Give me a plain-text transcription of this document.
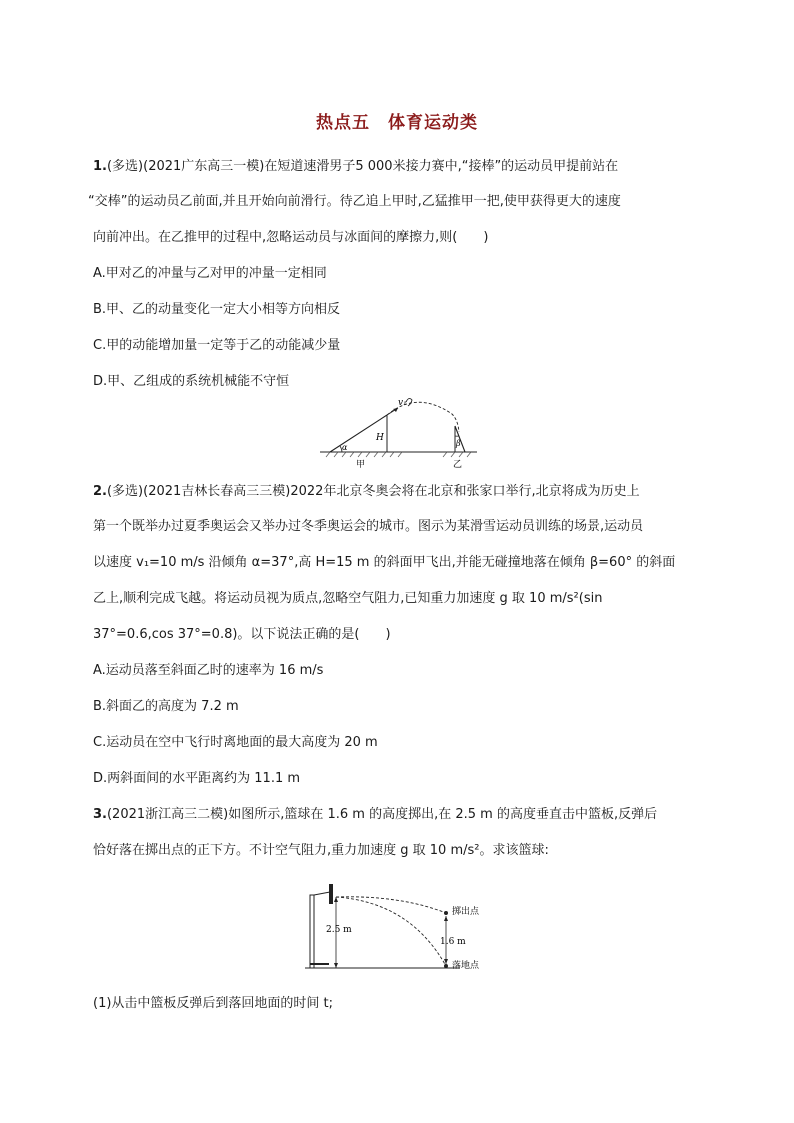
热点五　体育运动类
1.(多选)(2021广东高三一模)在短道速滑男子5 000米接力赛中,“接棒”的运动员甲提前站在
“交棒”的运动员乙前面,并且开始向前滑行。待乙追上甲时,乙猛推甲一把,使甲获得更大的速度
向前冲出。在乙推甲的过程中,忽略运动员与冰面间的摩擦力,则(　　)
A.甲对乙的冲量与乙对甲的冲量一定相同
B.甲、乙的动量变化一定大小相等方向相反
C.甲的动能增加量一定等于乙的动能减少量
D.甲、乙组成的系统机械能不守恒
v₁
H
α	β
甲	乙
2.(多选)(2021吉林长春高三三模)2022年北京冬奥会将在北京和张家口举行,北京将成为历史上
第一个既举办过夏季奥运会又举办过冬季奥运会的城市。图示为某滑雪运动员训练的场景,运动员
以速度 v₁=10 m/s 沿倾角 α=37°,高 H=15 m 的斜面甲飞出,并能无碰撞地落在倾角 β=60° 的斜面
乙上,顺利完成飞越。将运动员视为质点,忽略空气阻力,已知重力加速度 g 取 10 m/s²(sin
37°=0.6,cos 37°=0.8)。以下说法正确的是(　　)
A.运动员落至斜面乙时的速率为 16 m/s
B.斜面乙的高度为 7.2 m
C.运动员在空中飞行时离地面的最大高度为 20 m
D.两斜面间的水平距离约为 11.1 m
3.(2021浙江高三二模)如图所示,篮球在 1.6 m 的高度掷出,在 2.5 m 的高度垂直击中篮板,反弹后
恰好落在掷出点的正下方。不计空气阻力,重力加速度 g 取 10 m/s²。求该篮球:
2.5 m
1.6 m
掷出点
落地点
(1)从击中篮板反弹后到落回地面的时间 t;
